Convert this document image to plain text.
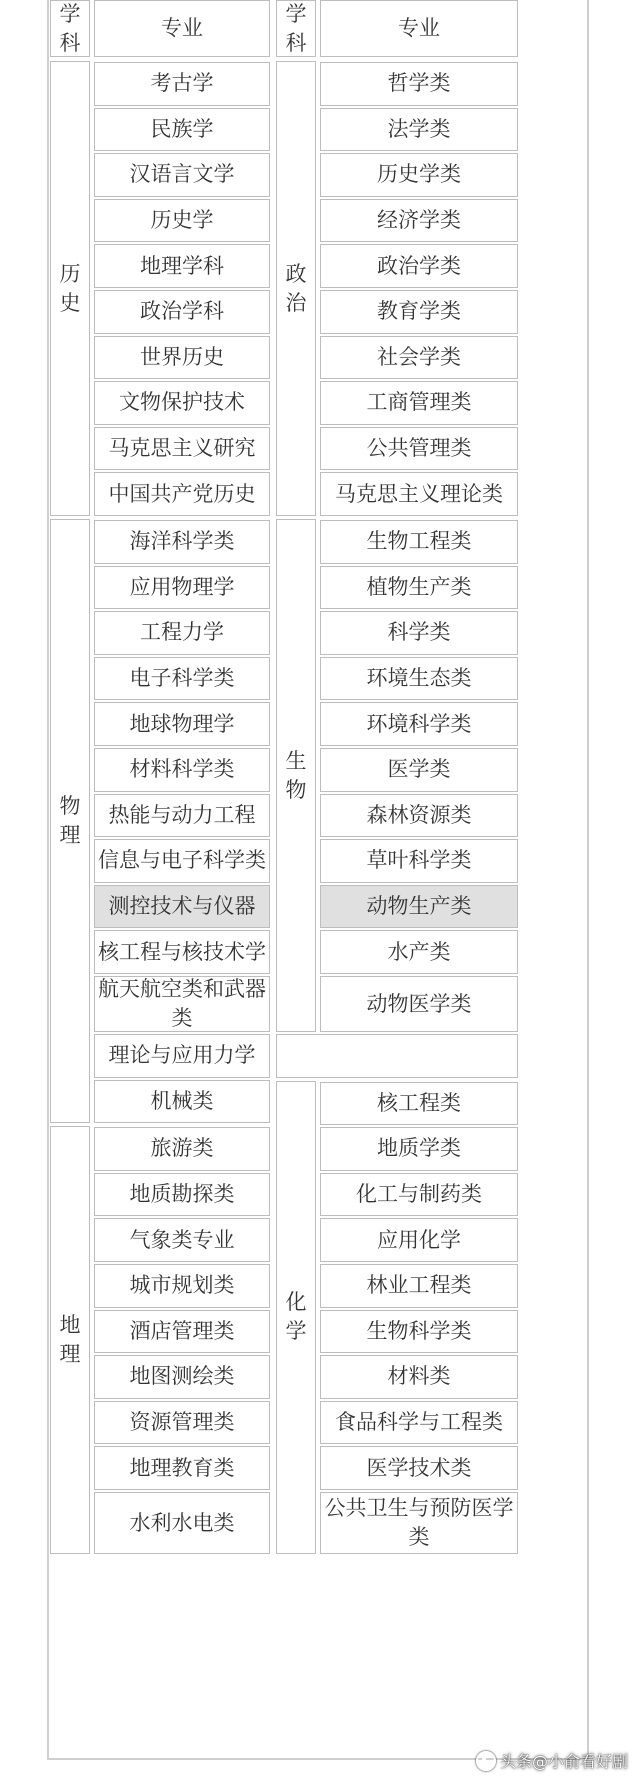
学科
专业
学科
专业
历史
考古学
民族学
汉语言文学
历史学
地理学科
政治学科
世界历史
文物保护技术
马克思主义研究
中国共产党历史
政治
哲学类
法学类
历史学类
经济学类
政治学类
教育学类
社会学类
工商管理类
公共管理类
马克思主义理论类
海洋科学类
应用物理学
工程力学
电子科学类
地球物理学
材料科学类
热能与动力工程
信息与电子科学类
测控技术与仪器
核工程与核技术学
航天航空类和武器类
理论与应用力学
机械类
物理
生物工程类
植物生产类
科学类
环境生态类
环境科学类
医学类
森林资源类
草叶科学类
动物生产类
水产类
动物医学类
生物
核工程类
地质学类
化工与制药类
应用化学
林业工程类
生物科学类
材料类
食品科学与工程类
医学技术类
公共卫生与预防医学类
化学
旅游类
地质勘探类
气象类专业
城市规划类
酒店管理类
地图测绘类
资源管理类
地理教育类
水利水电类
地理
头条@小俞看好剧
